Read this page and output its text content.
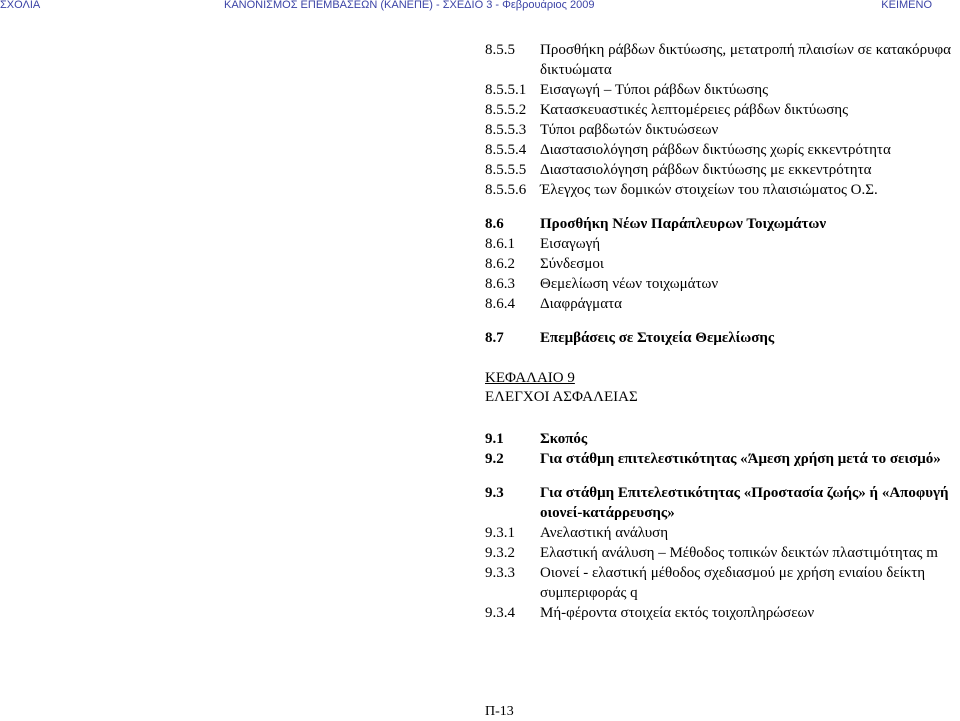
ΣΧΟΛΙΑ	ΚΑΝΟΝΙΣΜΟΣ ΕΠΕΜΒΑΣΕΩΝ (ΚΑΝΕΠΕ) - ΣΧΕΔΙΟ 3 - Φεβρουάριος 2009	ΚΕΙΜΕΝΟ
8.5.5 Προσθήκη ράβδων δικτύωσης, μετατροπή πλαισίων σε κατακόρυφα δικτυώματα
8.5.5.1 Εισαγωγή – Τύποι ράβδων δικτύωσης
8.5.5.2 Κατασκευαστικές λεπτομέρειες ράβδων δικτύωσης
8.5.5.3 Τύποι ραβδωτών δικτυώσεων
8.5.5.4 Διαστασιολόγηση ράβδων δικτύωσης χωρίς εκκεντρότητα
8.5.5.5 Διαστασιολόγηση ράβδων δικτύωσης με εκκεντρότητα
8.5.5.6 Έλεγχος των δομικών στοιχείων του πλαισιώματος Ο.Σ.
8.6 Προσθήκη Νέων Παράπλευρων Τοιχωμάτων
8.6.1 Εισαγωγή
8.6.2 Σύνδεσμοι
8.6.3 Θεμελίωση νέων τοιχωμάτων
8.6.4 Διαφράγματα
8.7 Επεμβάσεις σε Στοιχεία Θεμελίωσης
ΚΕΦΑΛΑΙΟ 9
ΕΛΕΓΧΟΙ ΑΣΦΑΛΕΙΑΣ
9.1 Σκοπός
9.2 Για στάθμη επιτελεστικότητας «Άμεση χρήση μετά το σεισμό»
9.3 Για στάθμη Επιτελεστικότητας «Προστασία ζωής» ή «Αποφυγή οιονεί-κατάρρευσης»
9.3.1 Ανελαστική ανάλυση
9.3.2 Ελαστική ανάλυση – Μέθοδος τοπικών δεικτών πλαστιμότητας m
9.3.3 Οιονεί - ελαστική μέθοδος σχεδιασμού με χρήση ενιαίου δείκτη συμπεριφοράς q
9.3.4 Μή-φέροντα στοιχεία εκτός τοιχοπληρώσεων
Π-13
